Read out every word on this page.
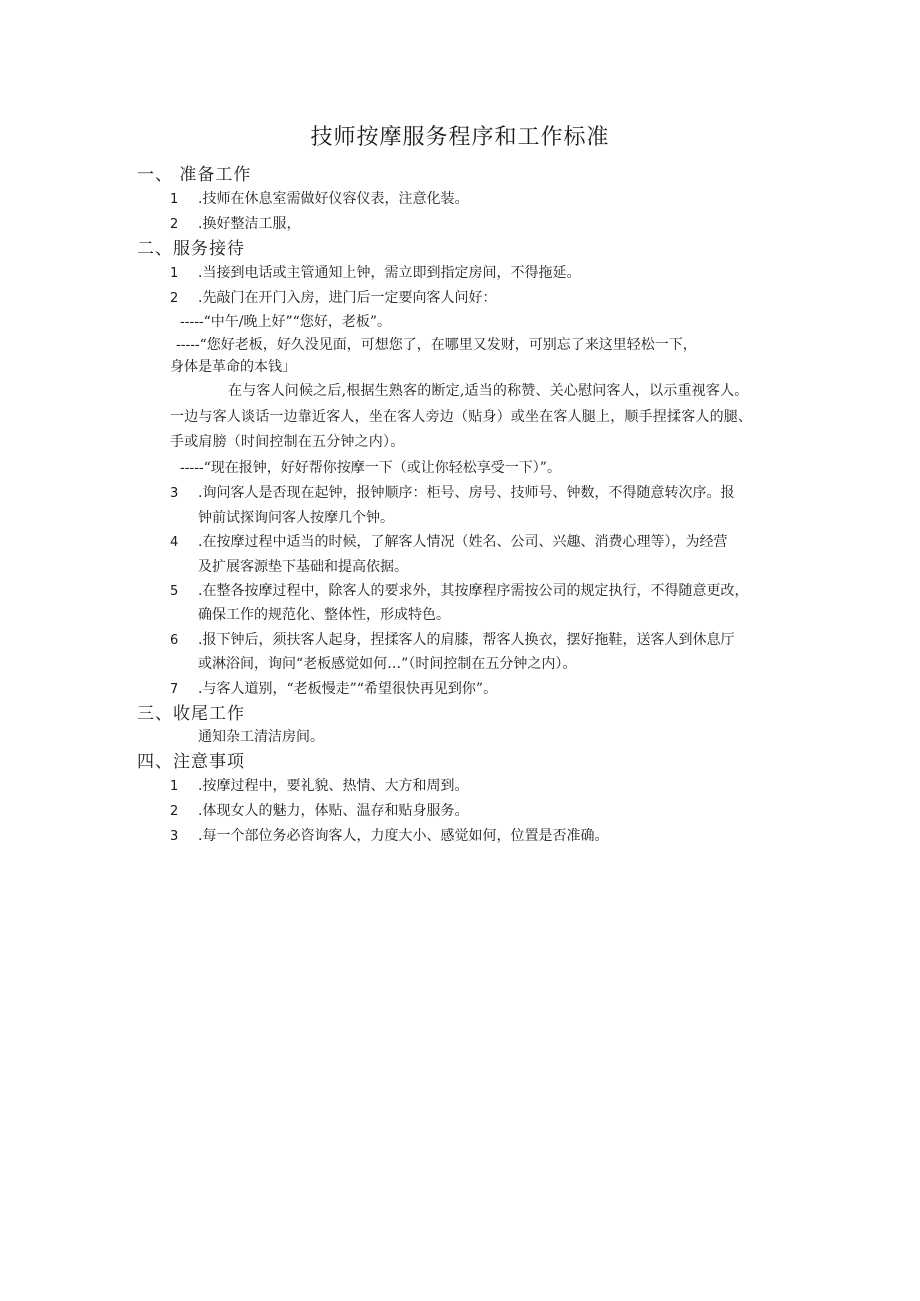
技师按摩服务程序和工作标准
一、 准备工作
1 .技师在休息室需做好仪容仪表，注意化装。
2 .换好整洁工服，
二、服务接待
1 .当接到电话或主管通知上钟，需立即到指定房间，不得拖延。
2 .先敲门在开门入房，进门后一定要向客人问好：
-----“中午/晚上好”“您好，老板”。
-----“您好老板，好久没见面，可想您了，在哪里又发财，可别忘了来这里轻松一下，
身体是革命的本钱」
在与客人问候之后,根据生熟客的断定,适当的称赞、关心慰问客人，以示重视客人。
一边与客人谈话一边靠近客人，坐在客人旁边（贴身）或坐在客人腿上，顺手捏揉客人的腿、
手或肩膀（时间控制在五分钟之内）。
-----“现在报钟，好好帮你按摩一下（或让你轻松享受一下）”。
3 .询问客人是否现在起钟，报钟顺序：柜号、房号、技师号、钟数，不得随意转次序。报
钟前试探询问客人按摩几个钟。
4 .在按摩过程中适当的时候，了解客人情况（姓名、公司、兴趣、消费心理等），为经营
及扩展客源垫下基础和提高依据。
5 .在整各按摩过程中，除客人的要求外，其按摩程序需按公司的规定执行，不得随意更改，
确保工作的规范化、整体性，形成特色。
6 .报下钟后，须扶客人起身，捏揉客人的肩膝，帮客人换衣，摆好拖鞋，送客人到休息厅
或淋浴间，询问“老板感觉如何…”（时间控制在五分钟之内）。
7 .与客人道别，“老板慢走”“希望很快再见到你”。
三、收尾工作
通知杂工清洁房间。
四、注意事项
1 .按摩过程中，要礼貌、热情、大方和周到。
2 .体现女人的魅力，体贴、温存和贴身服务。
3 .每一个部位务必咨询客人，力度大小、感觉如何，位置是否准确。
